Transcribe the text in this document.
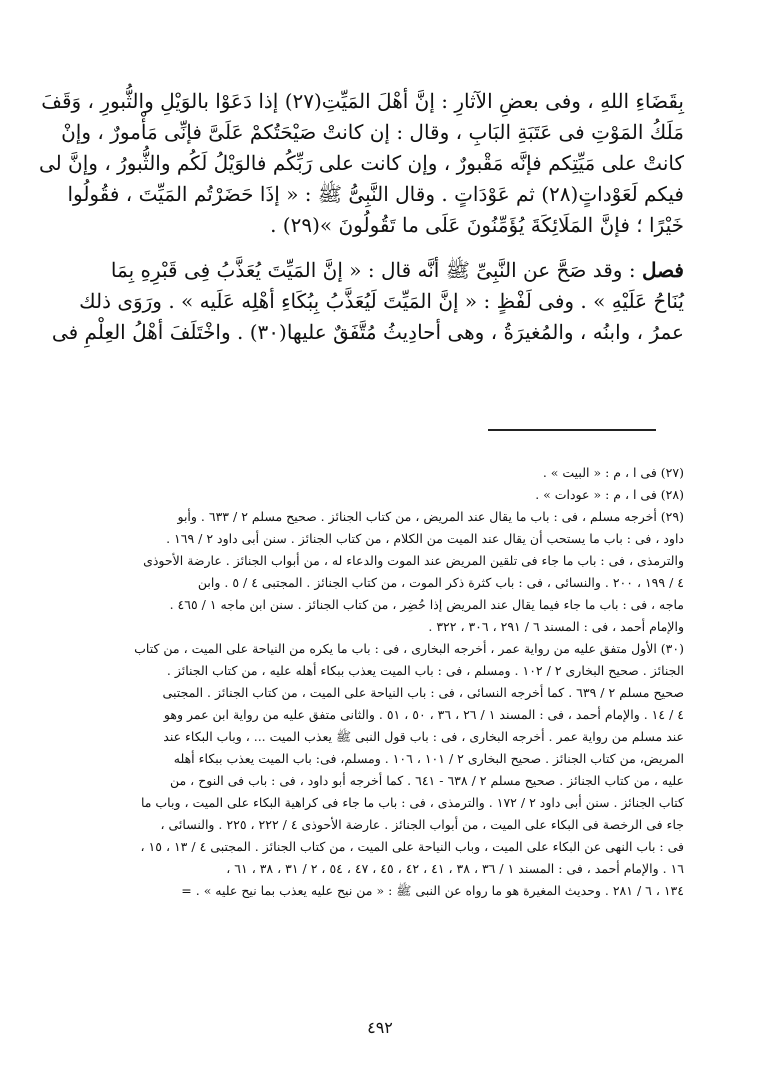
بِقَضَاءِ اللهِ ، وفى بعضِ الآثارِ : إنَّ أهْلَ المَيِّتِ(٢٧) إذا دَعَوْا بالوَيْلِ والثُّبورِ ، وَقَفَ
مَلَكُ المَوْتِ فى عَتَبَةِ البَابِ ، وقال : إن كانتْ صَيْحَتُكمْ عَلَىَّ فإنِّى مَأْمورٌ ، وإنْ
كانتْ على مَيِّتِكم فإنَّه مَقْبورٌ ، وإن كانت على رَبِّكُم فالوَيْلُ لَكُم والثُّبورُ ، وإنَّ لى
فيكم لَعَوْداتٍ(٢٨) ثم عَوْدَاتٍ . وقال النَّبِىُّ ﷺ : « إذَا حَضَرْتُم المَيِّتَ ، فقُولُوا
خَيْرًا ؛ فإنَّ المَلَائِكَةَ يُؤَمِّنُونَ عَلَى ما تَقُولُونَ »(٢٩) .
فصل : وقد صَحَّ عن النَّبِىِّ ﷺ أنَّه قال : « إنَّ المَيِّتَ يُعَذَّبُ فِى قَبْرِهِ بِمَا
يُنَاحُ عَلَيْهِ » . وفى لَفْظٍ : « إنَّ المَيِّتَ لَيُعَذَّبُ بِبُكَاءِ أهْلِه عَلَيه » . ورَوَى ذلك
عمرُ ، وابنُه ، والمُغيرَةُ ، وهى أحادِيثُ مُتَّفَقٌ عليها(٣٠) . واخْتَلَفَ أهْلُ العِلْمِ فى
(٢٧) فى ا ، م : « البيت » .
(٢٨) فى ا ، م : « عودات » .
(٢٩) أخرجه مسلم ، فى : باب ما يقال عند المريض ، من كتاب الجنائز . صحيح مسلم ٢ / ٦٣٣ . وأبو
داود ، فى : باب ما يستحب أن يقال عند الميت من الكلام ، من كتاب الجنائز . سنن أبى داود ٢ / ١٦٩ .
والترمذى ، فى : باب ما جاء فى تلقين المريض عند الموت والدعاء له ، من أبواب الجنائز . عارضة الأحوذى
٤ / ١٩٩ ، ٢٠٠ . والنسائى ، فى : باب كثرة ذكر الموت ، من كتاب الجنائز . المجتبى ٤ / ٥ . وابن
ماجه ، فى : باب ما جاء فيما يقال عند المريض إذا حُضِر ، من كتاب الجنائز . سنن ابن ماجه ١ / ٤٦٥ .
والإمام أحمد ، فى : المسند ٦ / ٢٩١ ، ٣٠٦ ، ٣٢٢ .
(٣٠) الأول متفق عليه من رواية عمر ، أخرجه البخارى ، فى : باب ما يكره من النياحة على الميت ، من كتاب
الجنائز . صحيح البخارى ٢ / ١٠٢ . ومسلم ، فى : باب الميت يعذب ببكاء أهله عليه ، من كتاب الجنائز .
صحيح مسلم ٢ / ٦٣٩ . كما أخرجه النسائى ، فى : باب النياحة على الميت ، من كتاب الجنائز . المجتبى
٤ / ١٤ . والإمام أحمد ، فى : المسند ١ / ٢٦ ، ٣٦ ، ٥٠ ، ٥١ . والثانى متفق عليه من رواية ابن عمر وهو
عند مسلم من رواية عمر . أخرجه البخارى ، فى : باب قول النبى ﷺ يعذب الميت ... ، وباب البكاء عند
المريض، من كتاب الجنائز . صحيح البخارى ٢ / ١٠١ ، ١٠٦ . ومسلم، فى: باب الميت يعذب ببكاء أهله
عليه ، من كتاب الجنائز . صحيح مسلم ٢ / ٦٣٨ - ٦٤١ . كما أخرجه أبو داود ، فى : باب فى النوح ، من
كتاب الجنائز . سنن أبى داود ٢ / ١٧٢ . والترمذى ، فى : باب ما جاء فى كراهية البكاء على الميت ، وباب ما
جاء فى الرخصة فى البكاء على الميت ، من أبواب الجنائز . عارضة الأحوذى ٤ / ٢٢٢ ، ٢٢٥ . والنسائى ،
فى : باب النهى عن البكاء على الميت ، وباب النياحة على الميت ، من كتاب الجنائز . المجتبى ٤ / ١٣ ، ١٥ ،
١٦ . والإمام أحمد ، فى : المسند ١ / ٣٦ ، ٣٨ ، ٤١ ، ٤٢ ، ٤٥ ، ٤٧ ، ٥٤ ، ٢ / ٣١ ، ٣٨ ، ٦١ ،
١٣٤ ، ٦ / ٢٨١ . وحديث المغيرة هو ما رواه عن النبى ﷺ : « من نيح عليه يعذب بما نيح عليه » . =
٤٩٢
